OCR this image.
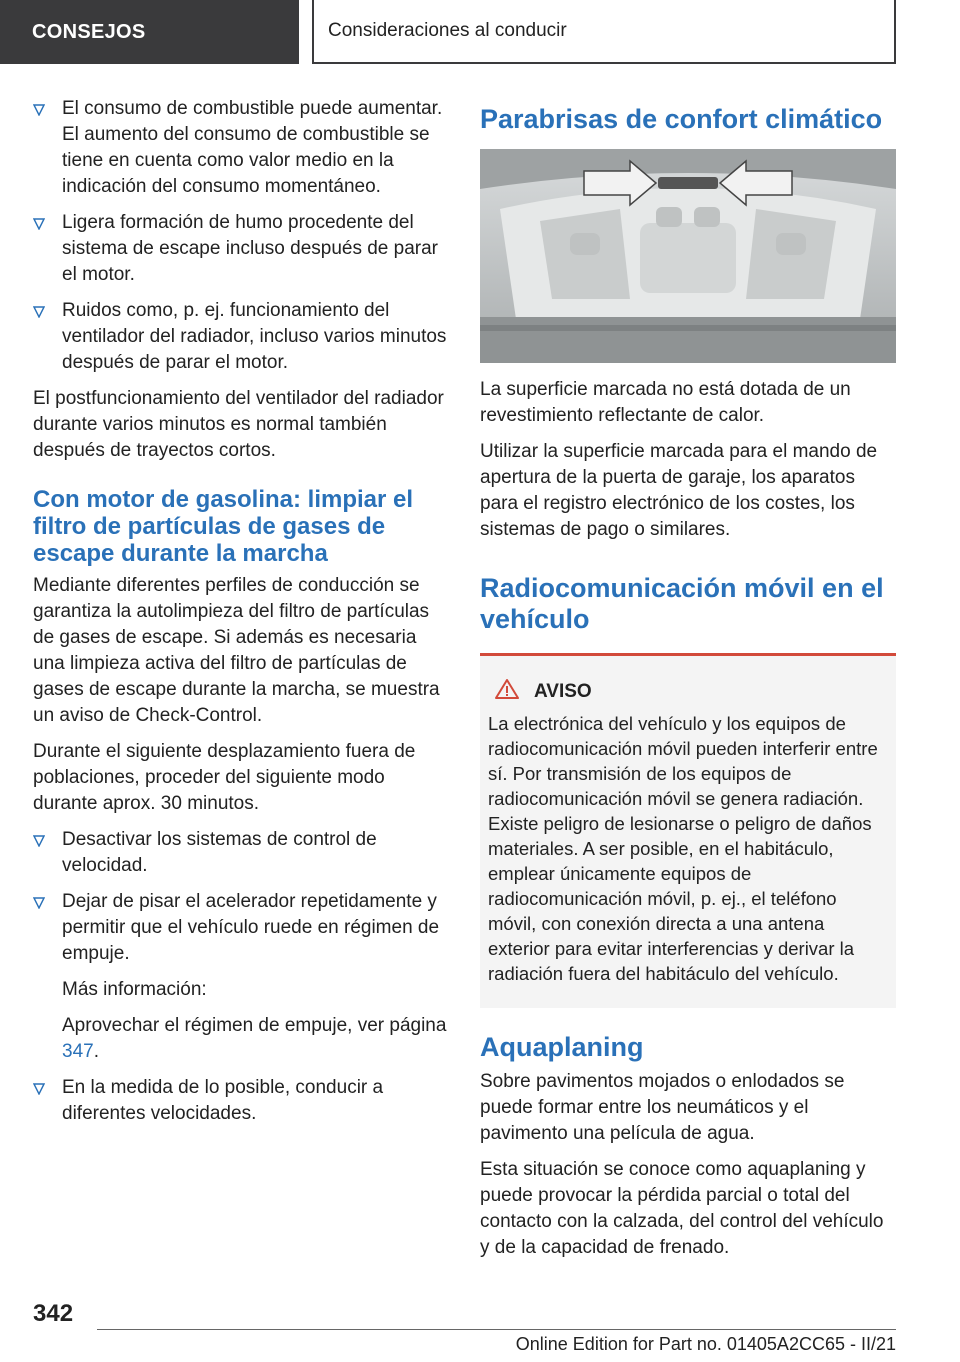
CONSEJOS	Consideraciones al conducir
El consumo de combustible puede aumentar. El aumento del consumo de combustible se tiene en cuenta como valor medio en la indicación del consumo momentáneo.
Ligera formación de humo procedente del sistema de escape incluso después de parar el motor.
Ruidos como, p. ej. funcionamiento del ventilador del radiador, incluso varios minutos después de parar el motor.

El postfuncionamiento del ventilador del radiador durante varios minutos es normal también después de trayectos cortos.

Con motor de gasolina: limpiar el filtro de partículas de gases de escape durante la marcha

Mediante diferentes perfiles de conducción se garantiza la autolimpieza del filtro de partículas de gases de escape. Si además es necesaria una limpieza activa del filtro de partículas de gases de escape durante la marcha, se muestra un aviso de Check-Control.

Durante el siguiente desplazamiento fuera de poblaciones, proceder del siguiente modo durante aprox. 30 minutos.

Desactivar los sistemas de control de velocidad.
Dejar de pisar el acelerador repetidamente y permitir que el vehículo ruede en régimen de empuje.
Más información:
Aprovechar el régimen de empuje, ver página 347.
En la medida de lo posible, conducir a diferentes velocidades.
Parabrisas de confort climático

La superficie marcada no está dotada de un revestimiento reflectante de calor.

Utilizar la superficie marcada para el mando de apertura de la puerta de garaje, los aparatos para el registro electrónico de los costes, los sistemas de pago o similares.

Radiocomunicación móvil en el vehículo
AVISO

La electrónica del vehículo y los equipos de radiocomunicación móvil pueden interferir entre sí. Por transmisión de los equipos de radiocomunicación móvil se genera radiación. Existe peligro de lesionarse o peligro de daños materiales. A ser posible, en el habitáculo, emplear únicamente equipos de radiocomunicación móvil, p. ej., el teléfono móvil, con conexión directa a una antena exterior para evitar interferencias y derivar la radiación fuera del habitáculo del vehículo.

Aquaplaning

Sobre pavimentos mojados o enlodados se puede formar entre los neumáticos y el pavimento una película de agua.

Esta situación se conoce como aquaplaning y puede provocar la pérdida parcial o total del contacto con la calzada, del control del vehículo y de la capacidad de frenado.

342
Online Edition for Part no. 01405A2CC65 - II/21
